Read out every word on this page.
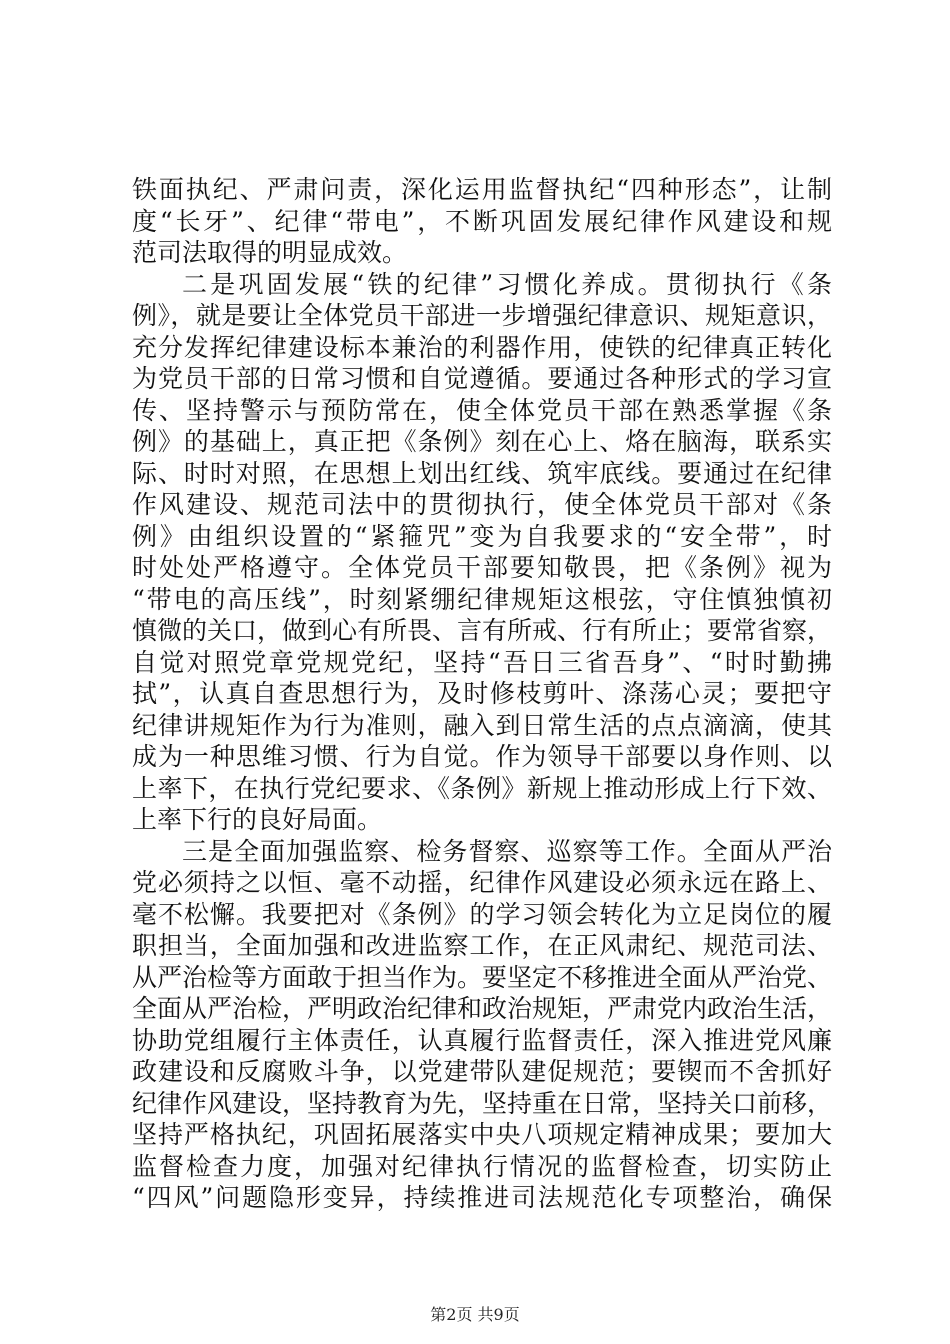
铁面执纪、严肃问责，深化运用监督执纪“四种形态”，让制
度“长牙”、纪律“带电”，不断巩固发展纪律作风建设和规
范司法取得的明显成效。
二是巩固发展“铁的纪律”习惯化养成。贯彻执行《条
例》，就是要让全体党员干部进一步增强纪律意识、规矩意识，
充分发挥纪律建设标本兼治的利器作用，使铁的纪律真正转化
为党员干部的日常习惯和自觉遵循。要通过各种形式的学习宣
传、坚持警示与预防常在，使全体党员干部在熟悉掌握《条
例》的基础上，真正把《条例》刻在心上、烙在脑海，联系实
际、时时对照，在思想上划出红线、筑牢底线。要通过在纪律
作风建设、规范司法中的贯彻执行，使全体党员干部对《条
例》由组织设置的“紧箍咒”变为自我要求的“安全带”，时
时处处严格遵守。全体党员干部要知敬畏，把《条例》视为
“带电的高压线”，时刻紧绷纪律规矩这根弦，守住慎独慎初
慎微的关口，做到心有所畏、言有所戒、行有所止；要常省察，
自觉对照党章党规党纪，坚持“吾日三省吾身”、“时时勤拂
拭”，认真自查思想行为，及时修枝剪叶、涤荡心灵；要把守
纪律讲规矩作为行为准则，融入到日常生活的点点滴滴，使其
成为一种思维习惯、行为自觉。作为领导干部要以身作则、以
上率下，在执行党纪要求、《条例》新规上推动形成上行下效、
上率下行的良好局面。
三是全面加强监察、检务督察、巡察等工作。全面从严治
党必须持之以恒、毫不动摇，纪律作风建设必须永远在路上、
毫不松懈。我要把对《条例》的学习领会转化为立足岗位的履
职担当，全面加强和改进监察工作，在正风肃纪、规范司法、
从严治检等方面敢于担当作为。要坚定不移推进全面从严治党、
全面从严治检，严明政治纪律和政治规矩，严肃党内政治生活，
协助党组履行主体责任，认真履行监督责任，深入推进党风廉
政建设和反腐败斗争，以党建带队建促规范；要锲而不舍抓好
纪律作风建设，坚持教育为先，坚持重在日常，坚持关口前移，
坚持严格执纪，巩固拓展落实中央八项规定精神成果；要加大
监督检查力度，加强对纪律执行情况的监督检查，切实防止
“四风”问题隐形变异，持续推进司法规范化专项整治，确保
第2页 共9页
